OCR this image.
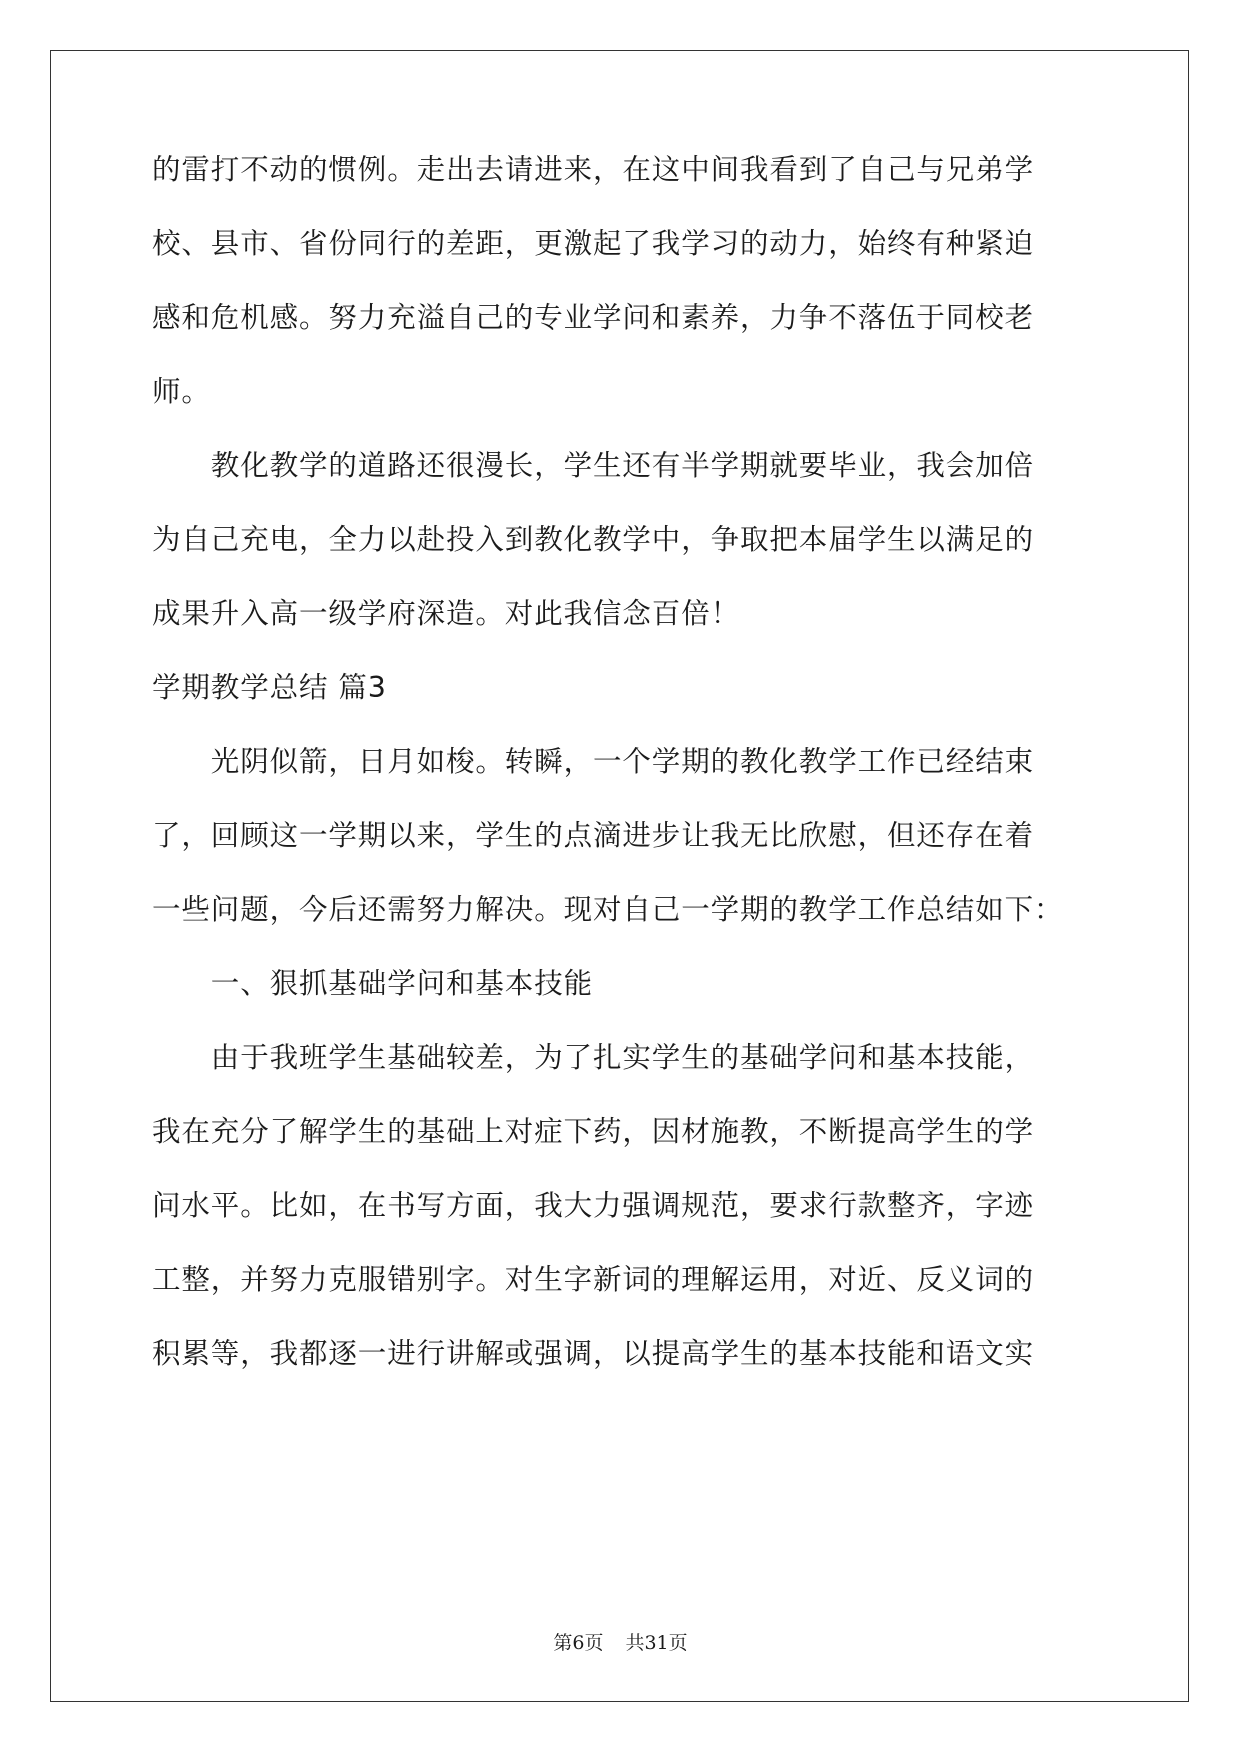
的雷打不动的惯例。走出去请进来，在这中间我看到了自己与兄弟学

校、县市、省份同行的差距，更激起了我学习的动力，始终有种紧迫

感和危机感。努力充溢自己的专业学问和素养，力争不落伍于同校老

师。

　　教化教学的道路还很漫长，学生还有半学期就要毕业，我会加倍

为自己充电，全力以赴投入到教化教学中，争取把本届学生以满足的

成果升入高一级学府深造。对此我信念百倍！

学期教学总结 篇3

　　光阴似箭，日月如梭。转瞬，一个学期的教化教学工作已经结束

了，回顾这一学期以来，学生的点滴进步让我无比欣慰，但还存在着

一些问题，今后还需努力解决。现对自己一学期的教学工作总结如下：

　　一、狠抓基础学问和基本技能

　　由于我班学生基础较差，为了扎实学生的基础学问和基本技能，

我在充分了解学生的基础上对症下药，因材施教，不断提高学生的学

问水平。比如，在书写方面，我大力强调规范，要求行款整齐，字迹

工整，并努力克服错别字。对生字新词的理解运用，对近、反义词的

积累等，我都逐一进行讲解或强调，以提高学生的基本技能和语文实

第6页 共31页
